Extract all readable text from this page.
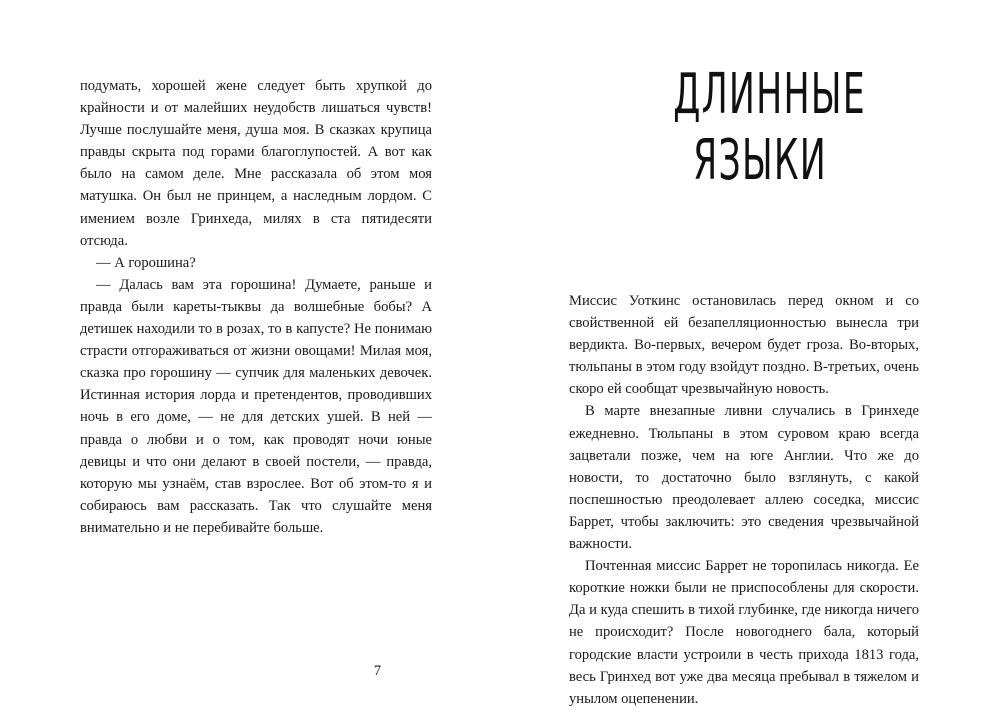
подумать, хорошей жене следует быть хрупкой до крайности и от малейших неудобств лишаться чувств! Лучше послушайте меня, душа моя. В сказках крупица правды скрыта под горами благоглупостей. А вот как было на самом деле. Мне рассказала об этом моя матушка. Он был не принцем, а наследным лордом. С имением возле Гринхеда, милях в ста пятидесяти отсюда.

— А горошина?

— Далась вам эта горошина! Думаете, раньше и правда были кареты-тыквы да волшебные бобы? А детишек находили то в розах, то в капусте? Не понимаю страсти отгораживаться от жизни овощами! Милая моя, сказка про горошину — супчик для маленьких девочек. Истинная история лорда и претендентов, проводивших ночь в его доме, — не для детских ушей. В ней — правда о любви и о том, как проводят ночи юные девицы и что они делают в своей постели, — правда, которую мы узнаём, став взрослее. Вот об этом-то я и собираюсь вам рассказать. Так что слушайте меня внимательно и не перебивайте больше.

ДЛИННЫЕ
ЯЗЫКИ

Миссис Уоткинс остановилась перед окном и со свойственной ей безапелляционностью вынесла три вердикта. Во-первых, вечером будет гроза. Во-вторых, тюльпаны в этом году взойдут поздно. В-третьих, очень скоро ей сообщат чрезвычайную новость.

В марте внезапные ливни случались в Гринхеде ежедневно. Тюльпаны в этом суровом краю всегда зацветали позже, чем на юге Англии. Что же до новости, то достаточно было взглянуть, с какой поспешностью преодолевает аллею соседка, миссис Баррет, чтобы заключить: это сведения чрезвычайной важности.

Почтенная миссис Баррет не торопилась никогда. Ее короткие ножки были не приспособлены для скорости. Да и куда спешить в тихой глубинке, где никогда ничего не происходит? После новогоднего бала, который городские власти устроили в честь прихода 1813 года, весь Гринхед вот уже два месяца пребывал в тяжелом и унылом оцепенении.

7
